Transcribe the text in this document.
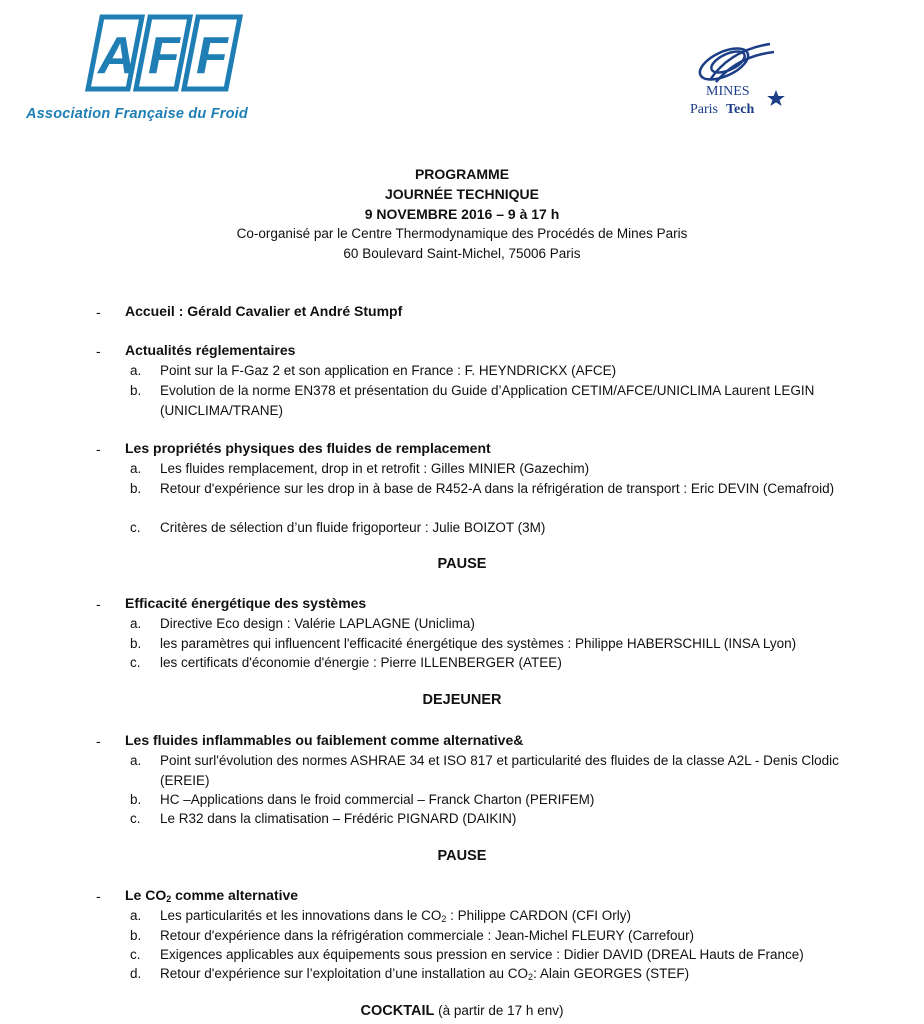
A F F
Association Française du Froid
MINES
Paris Tech
PROGRAMME
JOURNÉE TECHNIQUE
9 NOVEMBRE 2016 – 9 à 17 h
Co-organisé par le Centre Thermodynamique des Procédés de Mines Paris
60 Boulevard Saint-Michel, 75006 Paris
- Accueil : Gérald Cavalier et André Stumpf
- Actualités réglementaires
a. Point sur la F-Gaz 2 et son application en France : F. HEYNDRICKX (AFCE)
b. Evolution de la norme EN378 et présentation du Guide d’Application CETIM/AFCE/UNICLIMA Laurent LEGIN (UNICLIMA/TRANE)
- Les propriétés physiques des fluides de remplacement
a. Les fluides remplacement, drop in et retrofit : Gilles MINIER (Gazechim)
b. Retour d'expérience sur les drop in à base de R452-A dans la réfrigération de transport : Eric DEVIN (Cemafroid)
c. Critères de sélection d’un fluide frigoporteur : Julie BOIZOT (3M)
PAUSE
- Efficacité énergétique des systèmes
a. Directive Eco design : Valérie LAPLAGNE (Uniclima)
b. les paramètres qui influencent l'efficacité énergétique des systèmes : Philippe HABERSCHILL (INSA Lyon)
c. les certificats d'économie d'énergie : Pierre ILLENBERGER (ATEE)
DEJEUNER
- Les fluides inflammables ou faiblement comme alternative&
a. Point surl'évolution des normes ASHRAE 34 et ISO 817 et particularité des fluides de la classe A2L - Denis Clodic (EREIE)
b. HC –Applications dans le froid commercial – Franck Charton (PERIFEM)
c. Le R32 dans la climatisation – Frédéric PIGNARD (DAIKIN)
PAUSE
- Le $CO_2$ comme alternative
a. Les particularités et les innovations dans le $CO_2$ : Philippe CARDON (CFI Orly)
b. Retour d'expérience dans la réfrigération commerciale : Jean-Michel FLEURY (Carrefour)
c. Exigences applicables aux équipements sous pression en service : Didier DAVID (DREAL Hauts de France)
d. Retour d'expérience sur l’exploitation d’une installation au $CO_2$: Alain GEORGES (STEF)
COCKTAIL (à partir de 17 h env)
